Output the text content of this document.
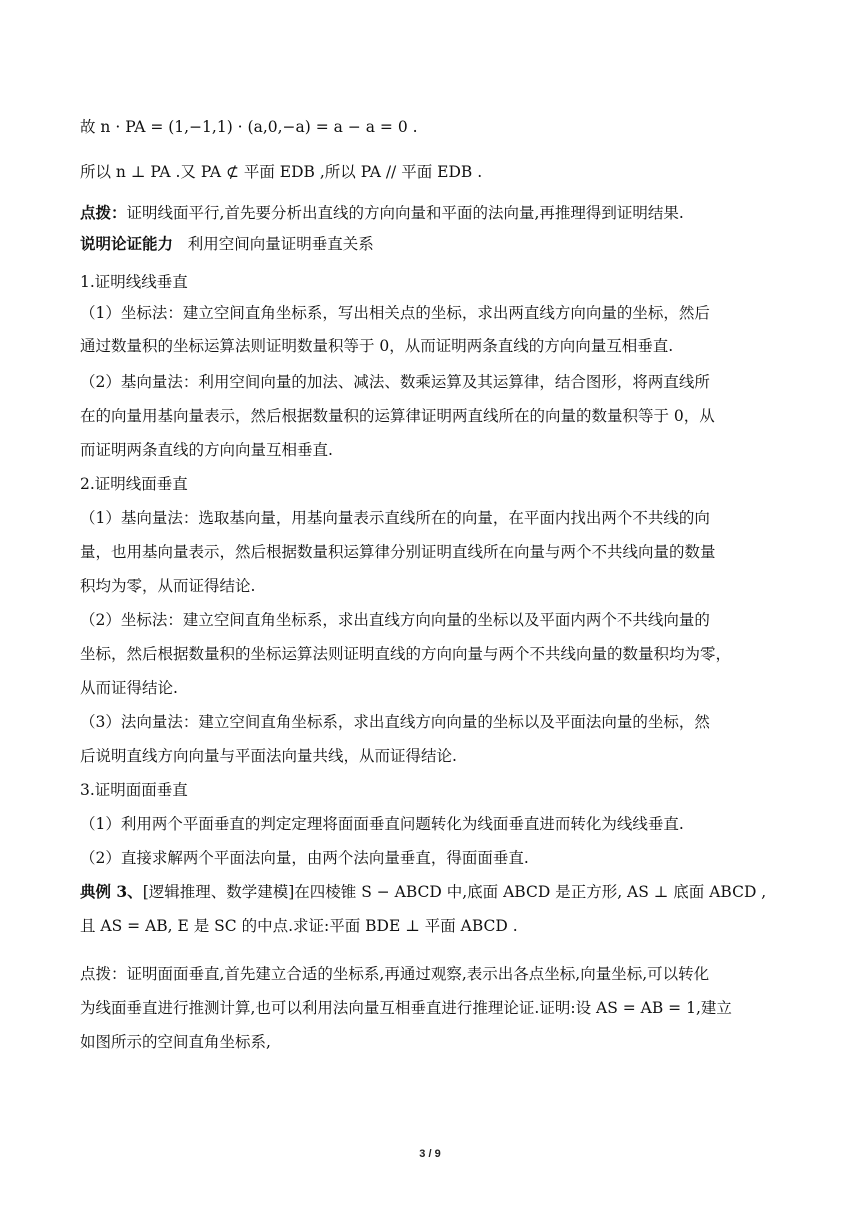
故 n · PA = (1,−1,1) · (a,0,−a) = a − a = 0 .
所以 n ⊥ PA .又 PA ⊄ 平面 EDB ,所以 PA // 平面 EDB .
点拨：证明线面平行,首先要分析出直线的方向向量和平面的法向量,再推理得到证明结果.
说明论证能力 利用空间向量证明垂直关系
1.证明线线垂直
（1）坐标法：建立空间直角坐标系，写出相关点的坐标，求出两直线方向向量的坐标，然后
通过数量积的坐标运算法则证明数量积等于 0，从而证明两条直线的方向向量互相垂直.
（2）基向量法：利用空间向量的加法、减法、数乘运算及其运算律，结合图形，将两直线所
在的向量用基向量表示，然后根据数量积的运算律证明两直线所在的向量的数量积等于 0，从
而证明两条直线的方向向量互相垂直.
2.证明线面垂直
（1）基向量法：选取基向量，用基向量表示直线所在的向量，在平面内找出两个不共线的向
量，也用基向量表示，然后根据数量积运算律分别证明直线所在向量与两个不共线向量的数量
积均为零，从而证得结论.
（2）坐标法：建立空间直角坐标系，求出直线方向向量的坐标以及平面内两个不共线向量的
坐标，然后根据数量积的坐标运算法则证明直线的方向向量与两个不共线向量的数量积均为零，
从而证得结论.
（3）法向量法：建立空间直角坐标系，求出直线方向向量的坐标以及平面法向量的坐标，然
后说明直线方向向量与平面法向量共线，从而证得结论.
3.证明面面垂直
（1）利用两个平面垂直的判定定理将面面垂直问题转化为线面垂直进而转化为线线垂直.
（2）直接求解两个平面法向量，由两个法向量垂直，得面面垂直.
典例 3、[逻辑推理、数学建模]在四棱锥 S − ABCD 中,底面 ABCD 是正方形, AS ⊥ 底面 ABCD ,
且 AS = AB, E 是 SC 的中点.求证:平面 BDE ⊥ 平面 ABCD .
点拨：证明面面垂直,首先建立合适的坐标系,再通过观察,表示出各点坐标,向量坐标,可以转化
为线面垂直进行推测计算,也可以利用法向量互相垂直进行推理论证.证明:设 AS = AB = 1,建立
如图所示的空间直角坐标系,
3 / 9
